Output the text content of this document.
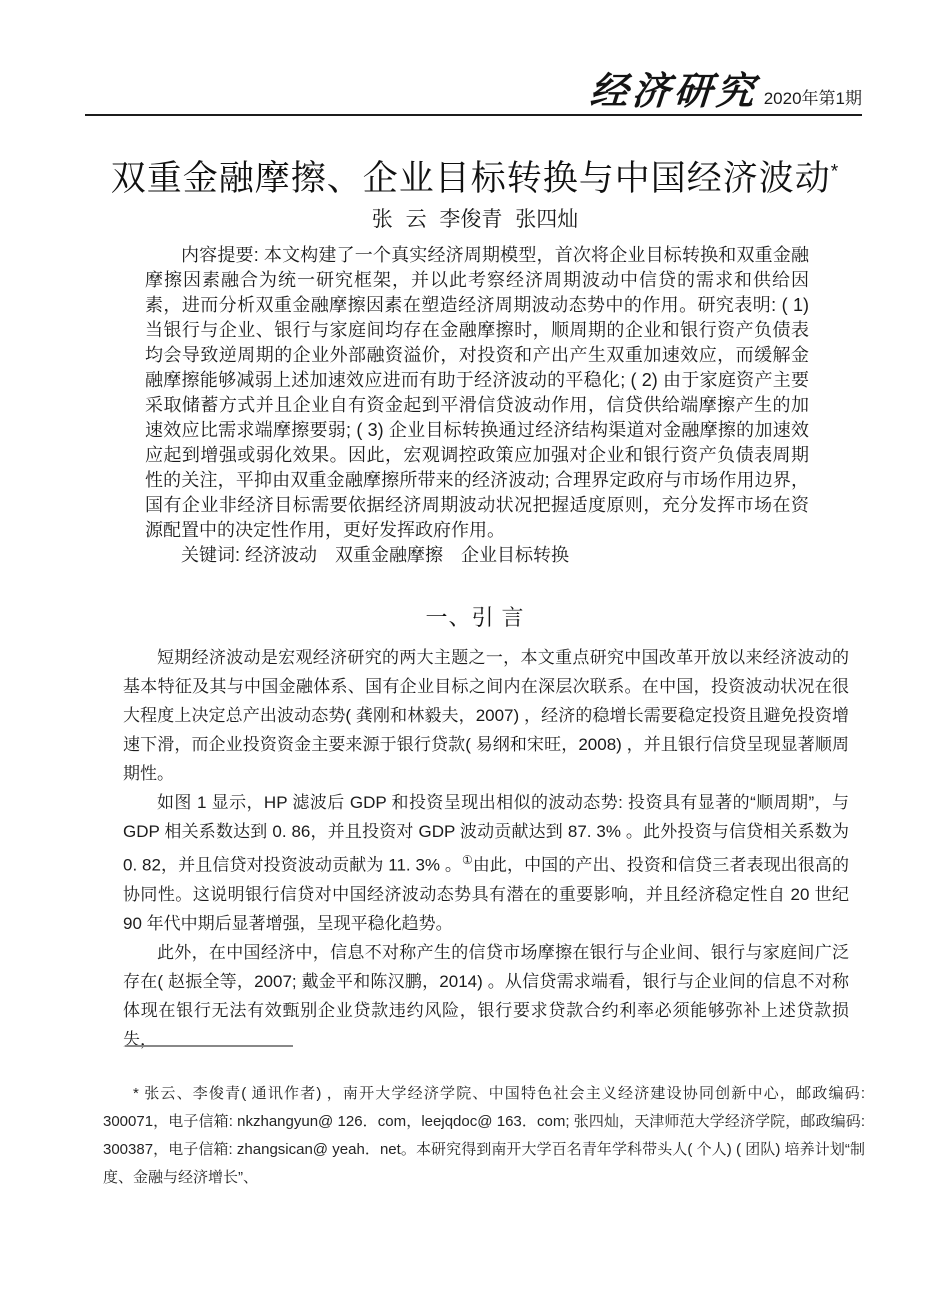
经济研究 2020年第1期
双重金融摩擦、企业目标转换与中国经济波动*
张 云 李俊青 张四灿

内容提要: 本文构建了一个真实经济周期模型，首次将企业目标转换和双重金融摩擦因素融合为统一研究框架，并以此考察经济周期波动中信贷的需求和供给因素，进而分析双重金融摩擦因素在塑造经济周期波动态势中的作用。研究表明: ( 1) 当银行与企业、银行与家庭间均存在金融摩擦时，顺周期的企业和银行资产负债表均会导致逆周期的企业外部融资溢价，对投资和产出产生双重加速效应，而缓解金融摩擦能够减弱上述加速效应进而有助于经济波动的平稳化; ( 2) 由于家庭资产主要采取储蓄方式并且企业自有资金起到平滑信贷波动作用，信贷供给端摩擦产生的加速效应比需求端摩擦要弱; ( 3) 企业目标转换通过经济结构渠道对金融摩擦的加速效应起到增强或弱化效果。因此，宏观调控政策应加强对企业和银行资产负债表周期性的关注，平抑由双重金融摩擦所带来的经济波动; 合理界定政府与市场作用边界，国有企业非经济目标需要依据经济周期波动状况把握适度原则，充分发挥市场在资源配置中的决定性作用，更好发挥政府作用。

关键词: 经济波动　双重金融摩擦　企业目标转换

一、引 言

短期经济波动是宏观经济研究的两大主题之一，本文重点研究中国改革开放以来经济波动的基本特征及其与中国金融体系、国有企业目标之间内在深层次联系。在中国，投资波动状况在很大程度上决定总产出波动态势( 龚刚和林毅夫，2007) ，经济的稳增长需要稳定投资且避免投资增速下滑，而企业投资资金主要来源于银行贷款( 易纲和宋旺，2008) ，并且银行信贷呈现显著顺周期性。

如图 1 显示，HP 滤波后 GDP 和投资呈现出相似的波动态势: 投资具有显著的“顺周期”，与 GDP 相关系数达到 0. 86，并且投资对 GDP 波动贡献达到 87. 3% 。此外投资与信贷相关系数为 0. 82，并且信贷对投资波动贡献为 11. 3% 。①由此，中国的产出、投资和信贷三者表现出很高的协同性。这说明银行信贷对中国经济波动态势具有潜在的重要影响，并且经济稳定性自 20 世纪 90 年代中期后显著增强，呈现平稳化趋势。

此外，在中国经济中，信息不对称产生的信贷市场摩擦在银行与企业间、银行与家庭间广泛存在( 赵振全等，2007; 戴金平和陈汉鹏，2014) 。从信贷需求端看，银行与企业间的信息不对称体现在银行无法有效甄别企业贷款违约风险，银行要求贷款合约利率必须能够弥补上述贷款损失，

* 张云、李俊青( 通讯作者) ，南开大学经济学院、中国特色社会主义经济建设协同创新中心，邮政编码: 300071，电子信箱: nkzhangyun@ 126．com，leejqdoc@ 163．com; 张四灿，天津师范大学经济学院，邮政编码: 300387，电子信箱: zhangsican@ yeah．net。本研究得到南开大学百名青年学科带头人( 个人) ( 团队) 培养计划“制度、金融与经济增长”、
